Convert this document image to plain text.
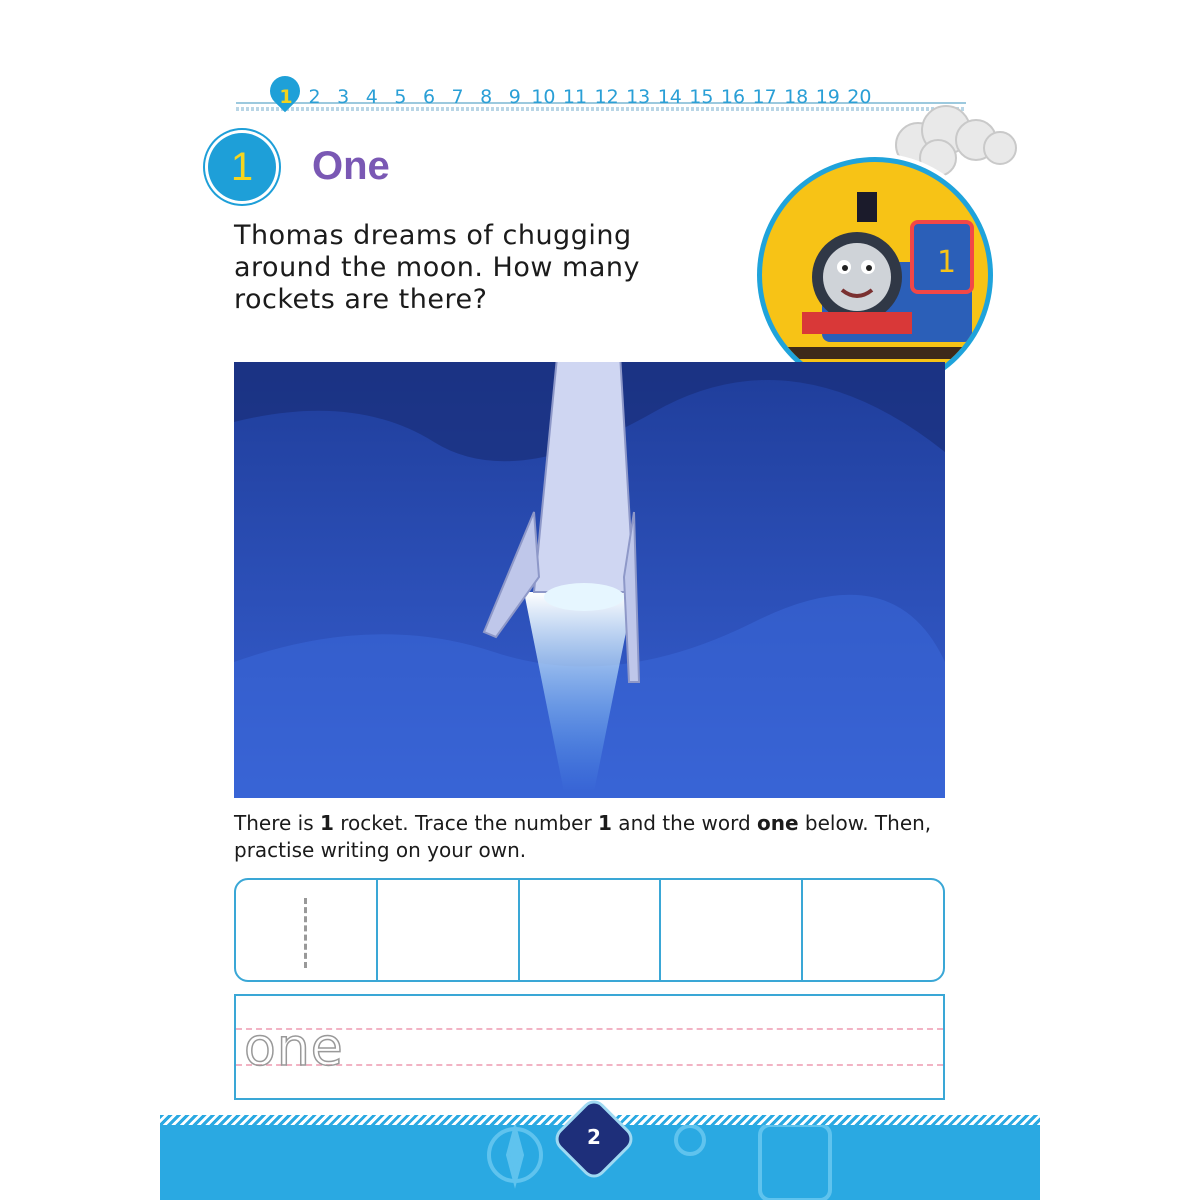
1 2 3 4 5 6 7 8 9 10 11 12 13 14 15 16 17 18 19 20
1 One
Thomas dreams of chugging around the moon. How many rockets are there?
1
There is 1 rocket. Trace the number 1 and the word one below. Then, practise writing on your own.
one
2
